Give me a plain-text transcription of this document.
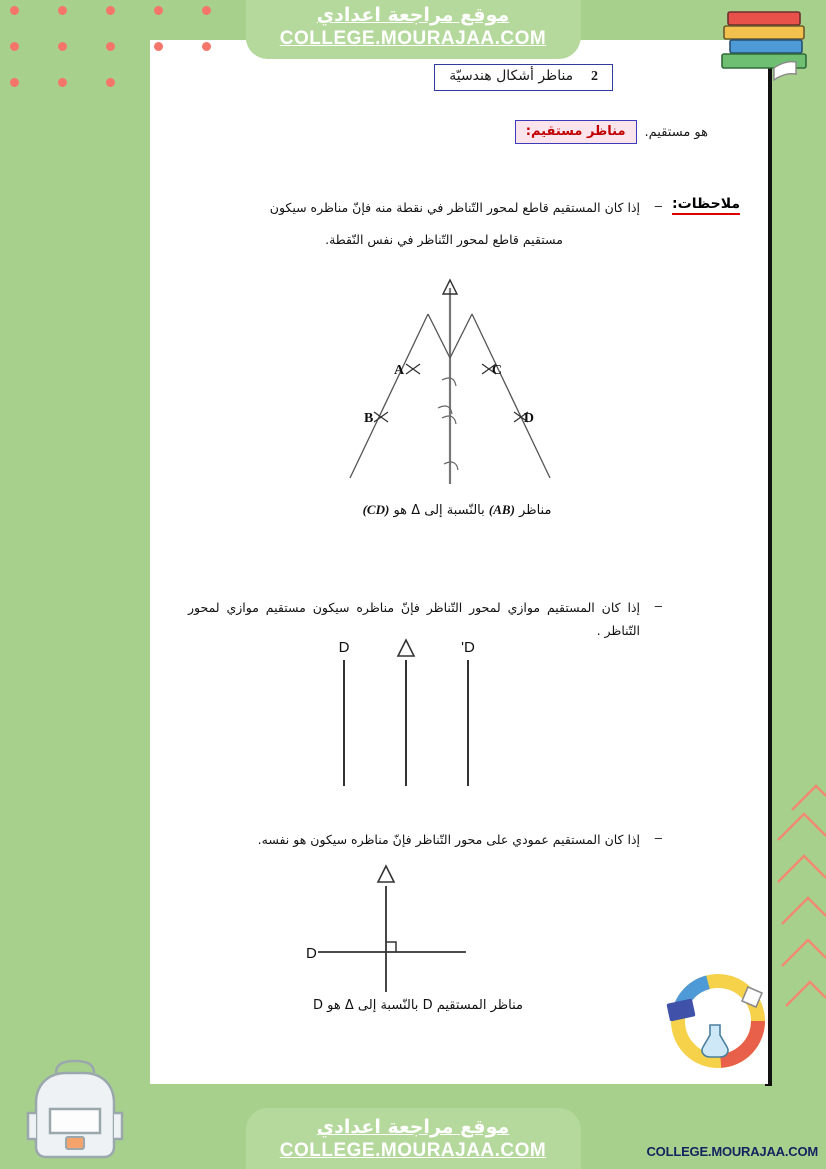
2    مناظر أشكال هندسيّة
هو مستقيم.
مناظر مستقيم:
ملاحظات:
–
إذا كان المستقيم قاطع لمحور التّناظر في نقطة منه فإنّ مناظره سيكون
مستقيم قاطع لمحور التّناظر في نفس النّقطة.
A
B
C
D
مناظر (AB) بالنّسبة إلى Δ هو (CD)
–
إذا كان المستقيم موازي لمحور التّناظر فإنّ مناظره سيكون مستقيم موازي لمحور التّناظر .
D	D'
–
إذا كان المستقيم عمودي على محور التّناظر فإنّ مناظره سيكون هو نفسه.
D
مناظر المستقيم D بالنّسبة إلى Δ هو D
موقع مراجعة اعدادي
COLLEGE.MOURAJAA.COM
موقع مراجعة اعدادي
COLLEGE.MOURAJAA.COM	COLLEGE.MOURAJAA.COM
